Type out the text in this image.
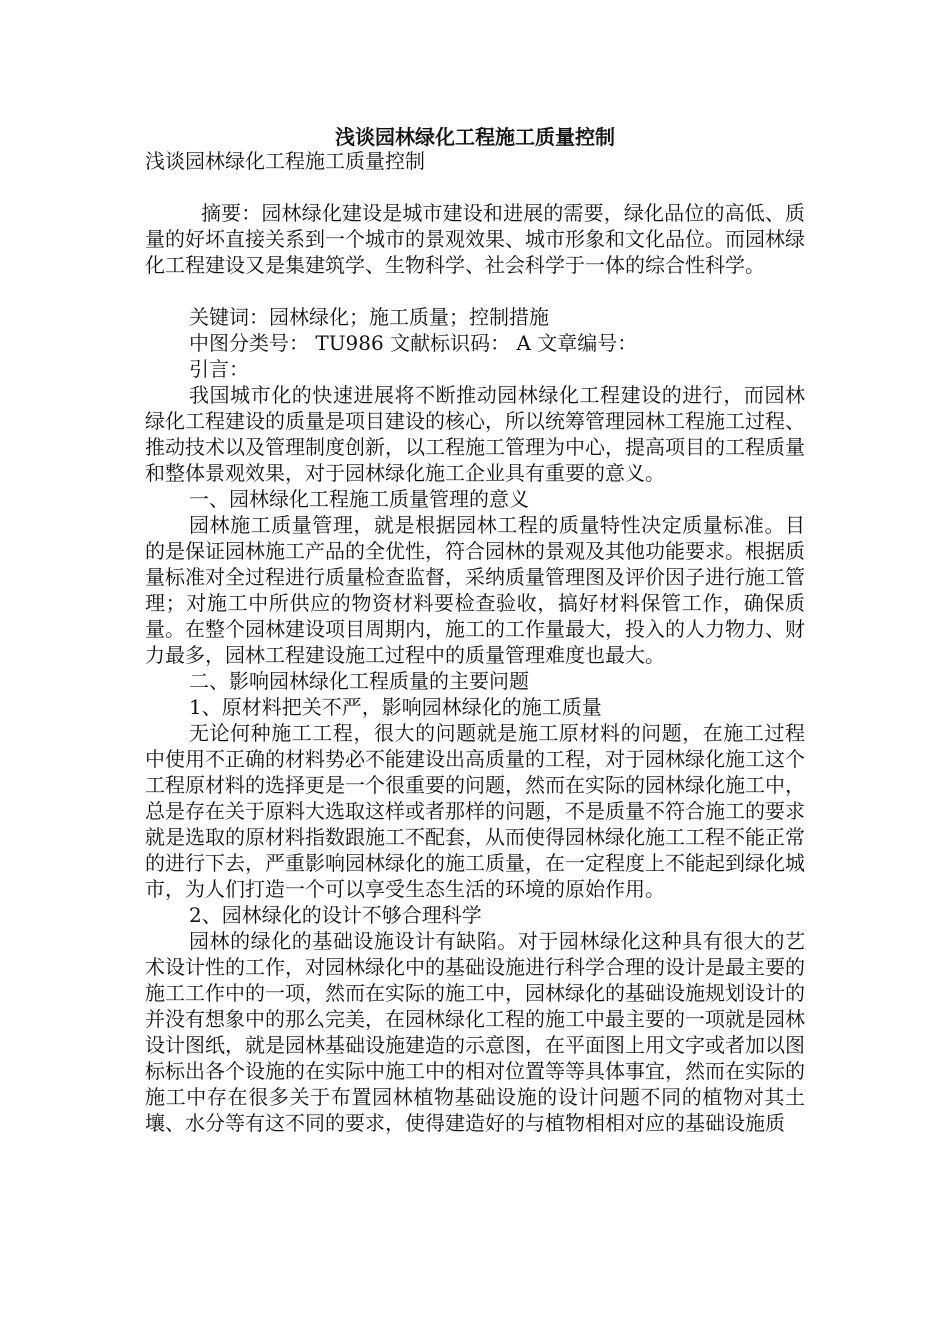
浅谈园林绿化工程施工质量控制

浅谈园林绿化工程施工质量控制

摘要：园林绿化建设是城市建设和进展的需要，绿化品位的高低、质量的好坏直接关系到一个城市的景观效果、城市形象和文化品位。而园林绿化工程建设又是集建筑学、生物科学、社会科学于一体的综合性科学。

关键词：园林绿化；施工质量；控制措施

中图分类号： TU986 文献标识码： A 文章编号：

引言：

我国城市化的快速进展将不断推动园林绿化工程建设的进行，而园林绿化工程建设的质量是项目建设的核心，所以统筹管理园林工程施工过程、推动技术以及管理制度创新，以工程施工管理为中心，提高项目的工程质量和整体景观效果，对于园林绿化施工企业具有重要的意义。

一、园林绿化工程施工质量管理的意义

园林施工质量管理，就是根据园林工程的质量特性决定质量标准。目的是保证园林施工产品的全优性，符合园林的景观及其他功能要求。根据质量标准对全过程进行质量检查监督，采纳质量管理图及评价因子进行施工管理；对施工中所供应的物资材料要检查验收，搞好材料保管工作，确保质量。在整个园林建设项目周期内，施工的工作量最大，投入的人力物力、财力最多，园林工程建设施工过程中的质量管理难度也最大。

二、影响园林绿化工程质量的主要问题

1、原材料把关不严，影响园林绿化的施工质量

无论何种施工工程，很大的问题就是施工原材料的问题，在施工过程中使用不正确的材料势必不能建设出高质量的工程，对于园林绿化施工这个工程原材料的选择更是一个很重要的问题，然而在实际的园林绿化施工中，总是存在关于原料大选取这样或者那样的问题，不是质量不符合施工的要求就是选取的原材料指数跟施工不配套，从而使得园林绿化施工工程不能正常的进行下去，严重影响园林绿化的施工质量，在一定程度上不能起到绿化城市，为人们打造一个可以享受生态生活的环境的原始作用。

2、园林绿化的设计不够合理科学

园林的绿化的基础设施设计有缺陷。对于园林绿化这种具有很大的艺术设计性的工作，对园林绿化中的基础设施进行科学合理的设计是最主要的施工工作中的一项，然而在实际的施工中，园林绿化的基础设施规划设计的并没有想象中的那么完美，在园林绿化工程的施工中最主要的一项就是园林设计图纸，就是园林基础设施建造的示意图，在平面图上用文字或者加以图标标出各个设施的在实际中施工中的相对位置等等具体事宜，然而在实际的施工中存在很多关于布置园林植物基础设施的设计问题不同的植物对其土壤、水分等有这不同的要求，使得建造好的与植物相相对应的基础设施质
